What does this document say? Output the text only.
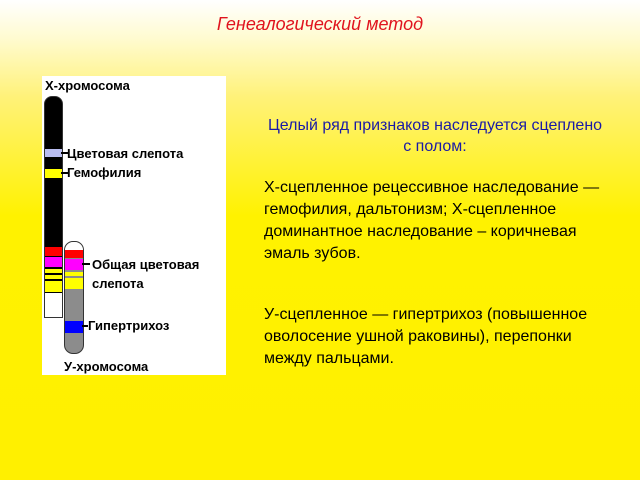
Генеалогический метод
Х-хромосома
Цветовая слепота
Гемофилия
Общая цветовая
слепота
Гипертрихоз
У-хромосома
Целый ряд признаков наследуется сцеплено с полом:
Х-сцепленное рецессивное наследование — гемофилия, дальтонизм; Х-сцепленное доминантное наследование – коричневая эмаль зубов.
У-сцепленное — гипертрихоз (повышенное оволосение ушной раковины), перепонки между пальцами.
